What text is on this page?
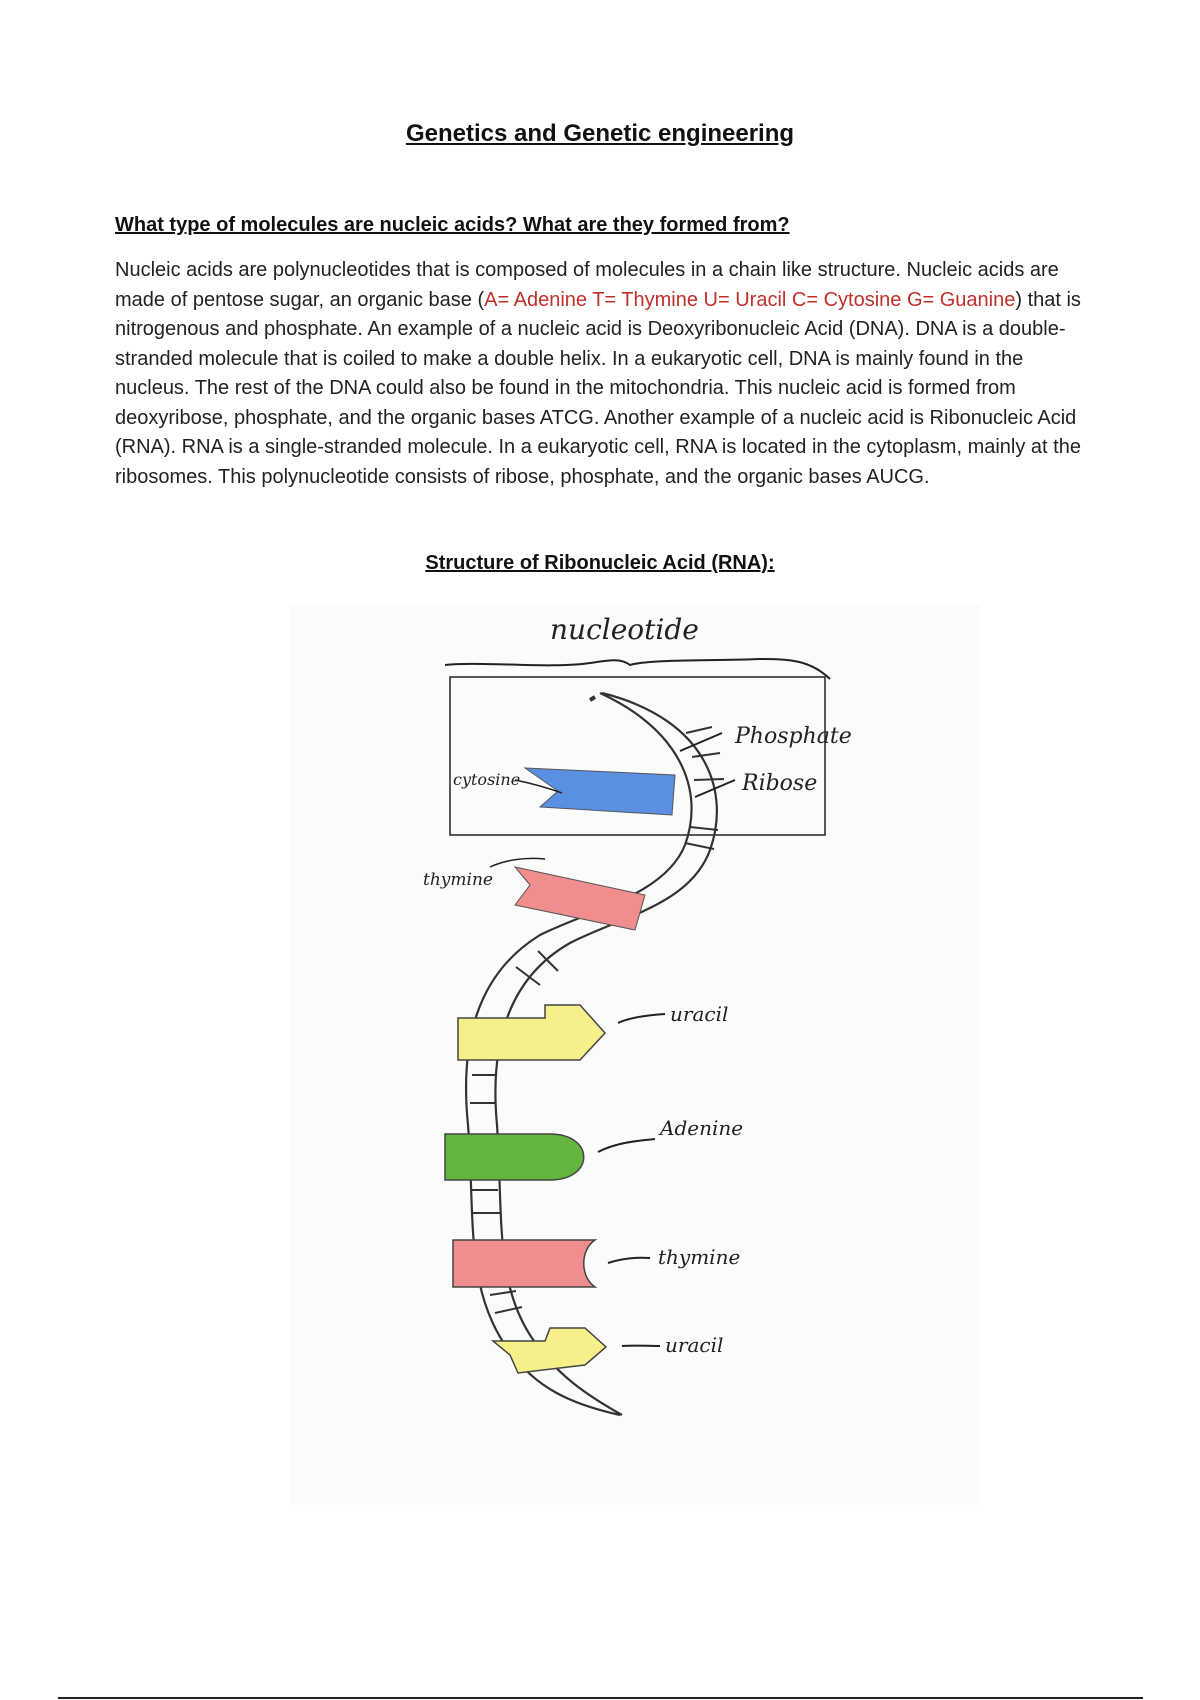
Genetics and Genetic engineering
What type of molecules are nucleic acids? What are they formed from?
Nucleic acids are polynucleotides that is composed of molecules in a chain like structure. Nucleic acids are made of pentose sugar, an organic base (A= Adenine T= Thymine U= Uracil C= Cytosine G= Guanine) that is nitrogenous and phosphate. An example of a nucleic acid is Deoxyribonucleic Acid (DNA). DNA is a double-stranded molecule that is coiled to make a double helix. In a eukaryotic cell, DNA is mainly found in the nucleus. The rest of the DNA could also be found in the mitochondria. This nucleic acid is formed from deoxyribose, phosphate, and the organic bases ATCG. Another example of a nucleic acid is Ribonucleic Acid (RNA). RNA is a single-stranded molecule. In a eukaryotic cell, RNA is located in the cytoplasm, mainly at the ribosomes. This polynucleotide consists of ribose, phosphate, and the organic bases AUCG.
Structure of Ribonucleic Acid (RNA):
nucleotide
Phosphate
Ribose
cytosine
thymine
uracil
Adenine
thymine
uracil
